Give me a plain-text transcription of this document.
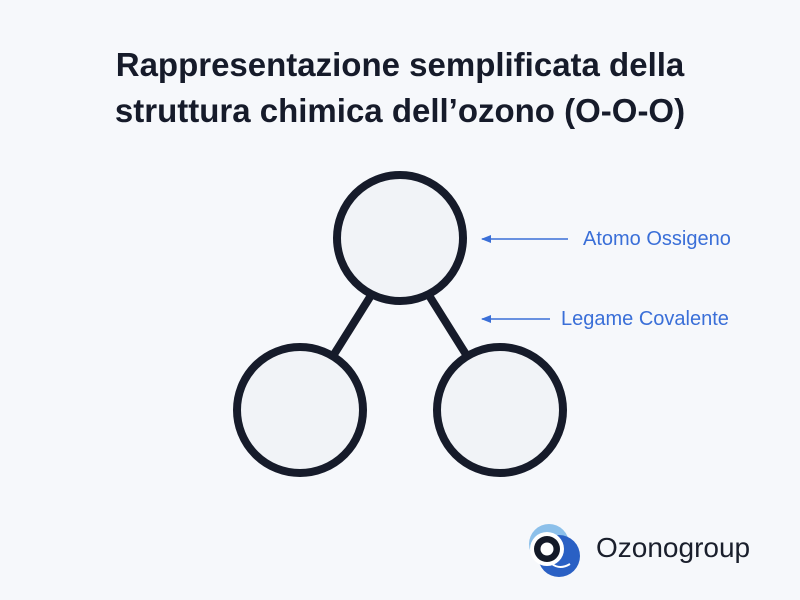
Rappresentazione semplificata della
struttura chimica dell’ozono (O-O-O)
Atomo Ossigeno
Legame Covalente
Ozonogroup
